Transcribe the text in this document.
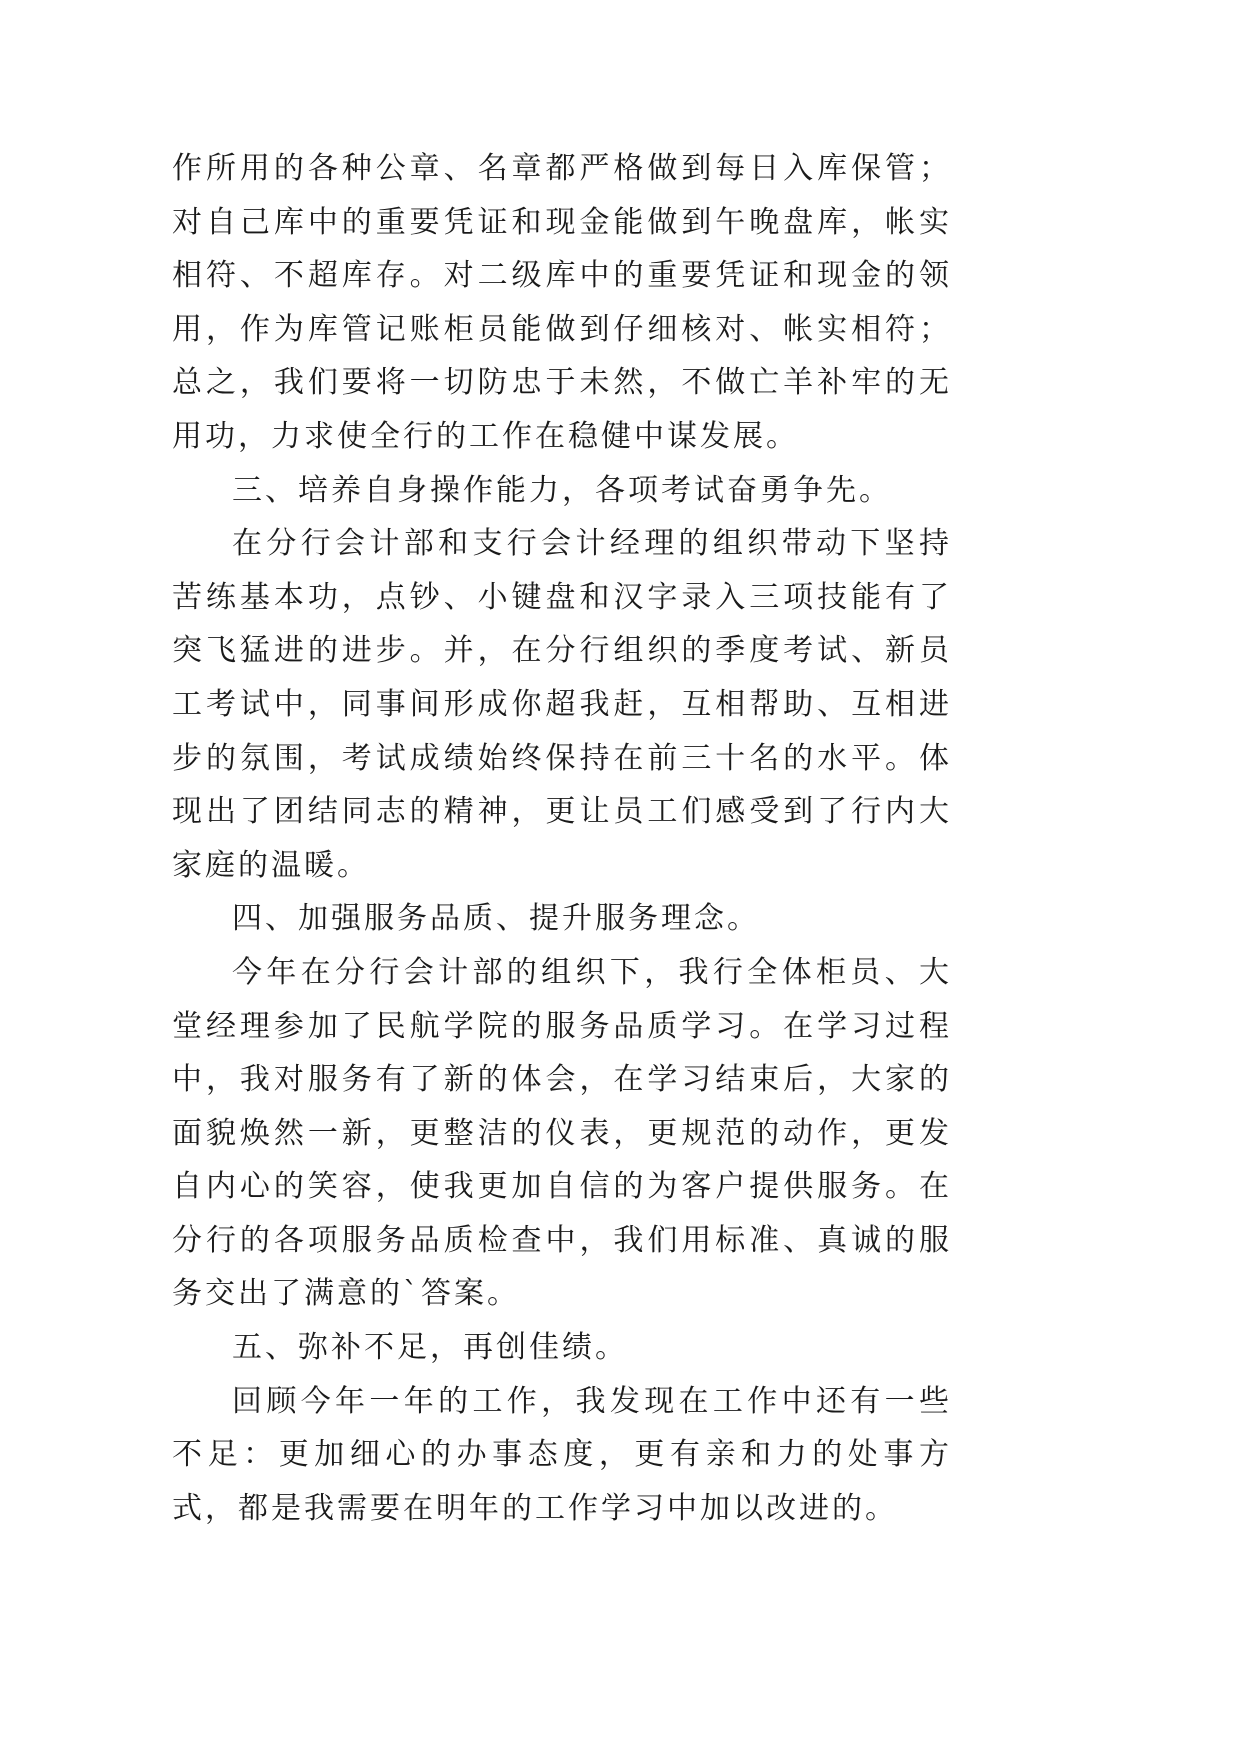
作所用的各种公章、名章都严格做到每日入库保管；对自己库中的重要凭证和现金能做到午晚盘库，帐实相符、不超库存。对二级库中的重要凭证和现金的领用，作为库管记账柜员能做到仔细核对、帐实相符；总之，我们要将一切防忠于未然，不做亡羊补牢的无用功，力求使全行的工作在稳健中谋发展。

三、培养自身操作能力，各项考试奋勇争先。

在分行会计部和支行会计经理的组织带动下坚持苦练基本功，点钞、小键盘和汉字录入三项技能有了突飞猛进的进步。并，在分行组织的季度考试、新员工考试中，同事间形成你超我赶，互相帮助、互相进步的氛围，考试成绩始终保持在前三十名的水平。体现出了团结同志的精神，更让员工们感受到了行内大家庭的温暖。

四、加强服务品质、提升服务理念。

今年在分行会计部的组织下，我行全体柜员、大堂经理参加了民航学院的服务品质学习。在学习过程中，我对服务有了新的体会，在学习结束后，大家的面貌焕然一新，更整洁的仪表，更规范的动作，更发自内心的笑容，使我更加自信的为客户提供服务。在分行的各项服务品质检查中，我们用标准、真诚的服务交出了满意的`答案。

五、弥补不足，再创佳绩。

回顾今年一年的工作，我发现在工作中还有一些不足：更加细心的办事态度，更有亲和力的处事方式，都是我需要在明年的工作学习中加以改进的。
